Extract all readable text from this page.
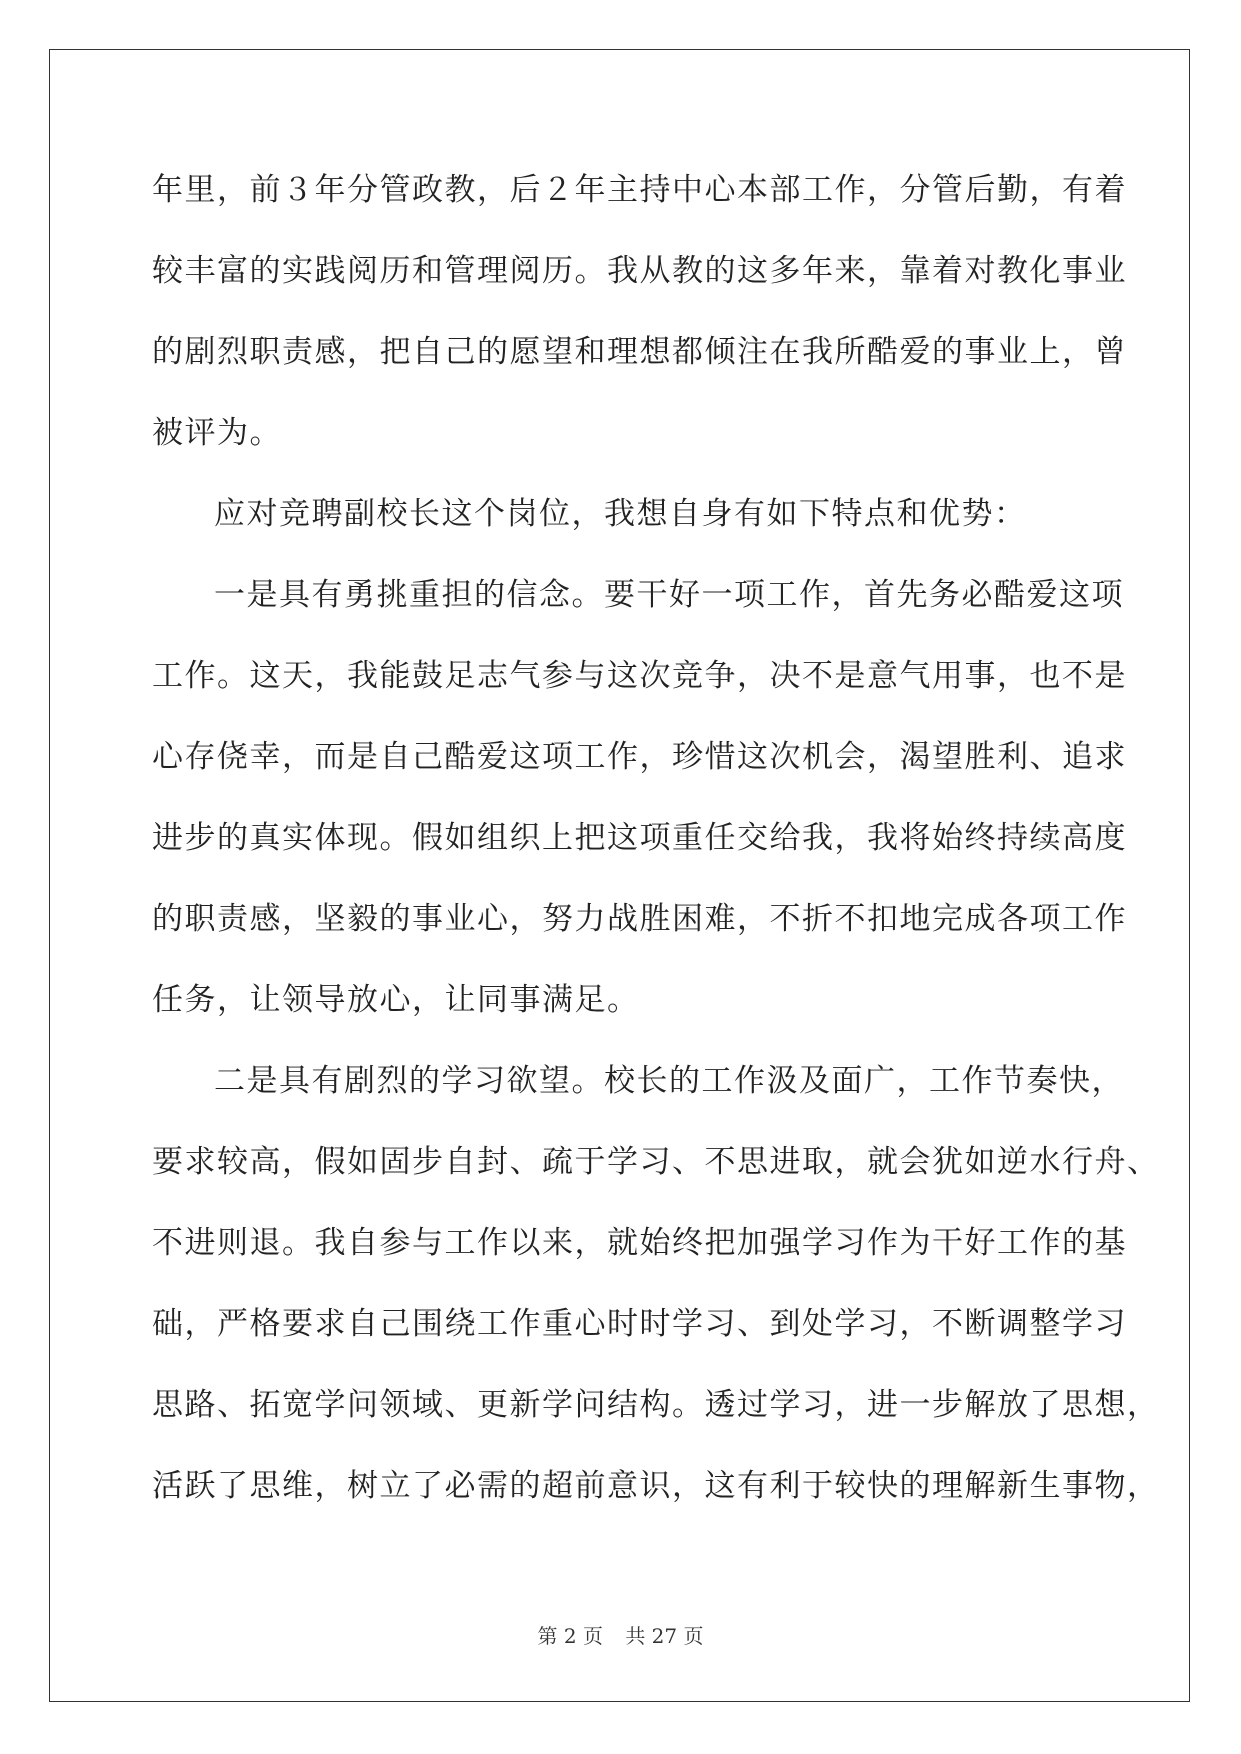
年里，前３年分管政教，后２年主持中心本部工作，分管后勤，有着
较丰富的实践阅历和管理阅历。我从教的这多年来，靠着对教化事业
的剧烈职责感，把自己的愿望和理想都倾注在我所酷爱的事业上，曾
被评为。
应对竞聘副校长这个岗位，我想自身有如下特点和优势：
一是具有勇挑重担的信念。要干好一项工作，首先务必酷爱这项
工作。这天，我能鼓足志气参与这次竞争，决不是意气用事，也不是
心存侥幸，而是自己酷爱这项工作，珍惜这次机会，渴望胜利、追求
进步的真实体现。假如组织上把这项重任交给我，我将始终持续高度
的职责感，坚毅的事业心，努力战胜困难，不折不扣地完成各项工作
任务，让领导放心，让同事满足。
二是具有剧烈的学习欲望。校长的工作汲及面广，工作节奏快，
要求较高，假如固步自封、疏于学习、不思进取，就会犹如逆水行舟、
不进则退。我自参与工作以来，就始终把加强学习作为干好工作的基
础，严格要求自己围绕工作重心时时学习、到处学习，不断调整学习
思路、拓宽学问领域、更新学问结构。透过学习，进一步解放了思想，
活跃了思维，树立了必需的超前意识，这有利于较快的理解新生事物，
第 2 页 共 27 页
